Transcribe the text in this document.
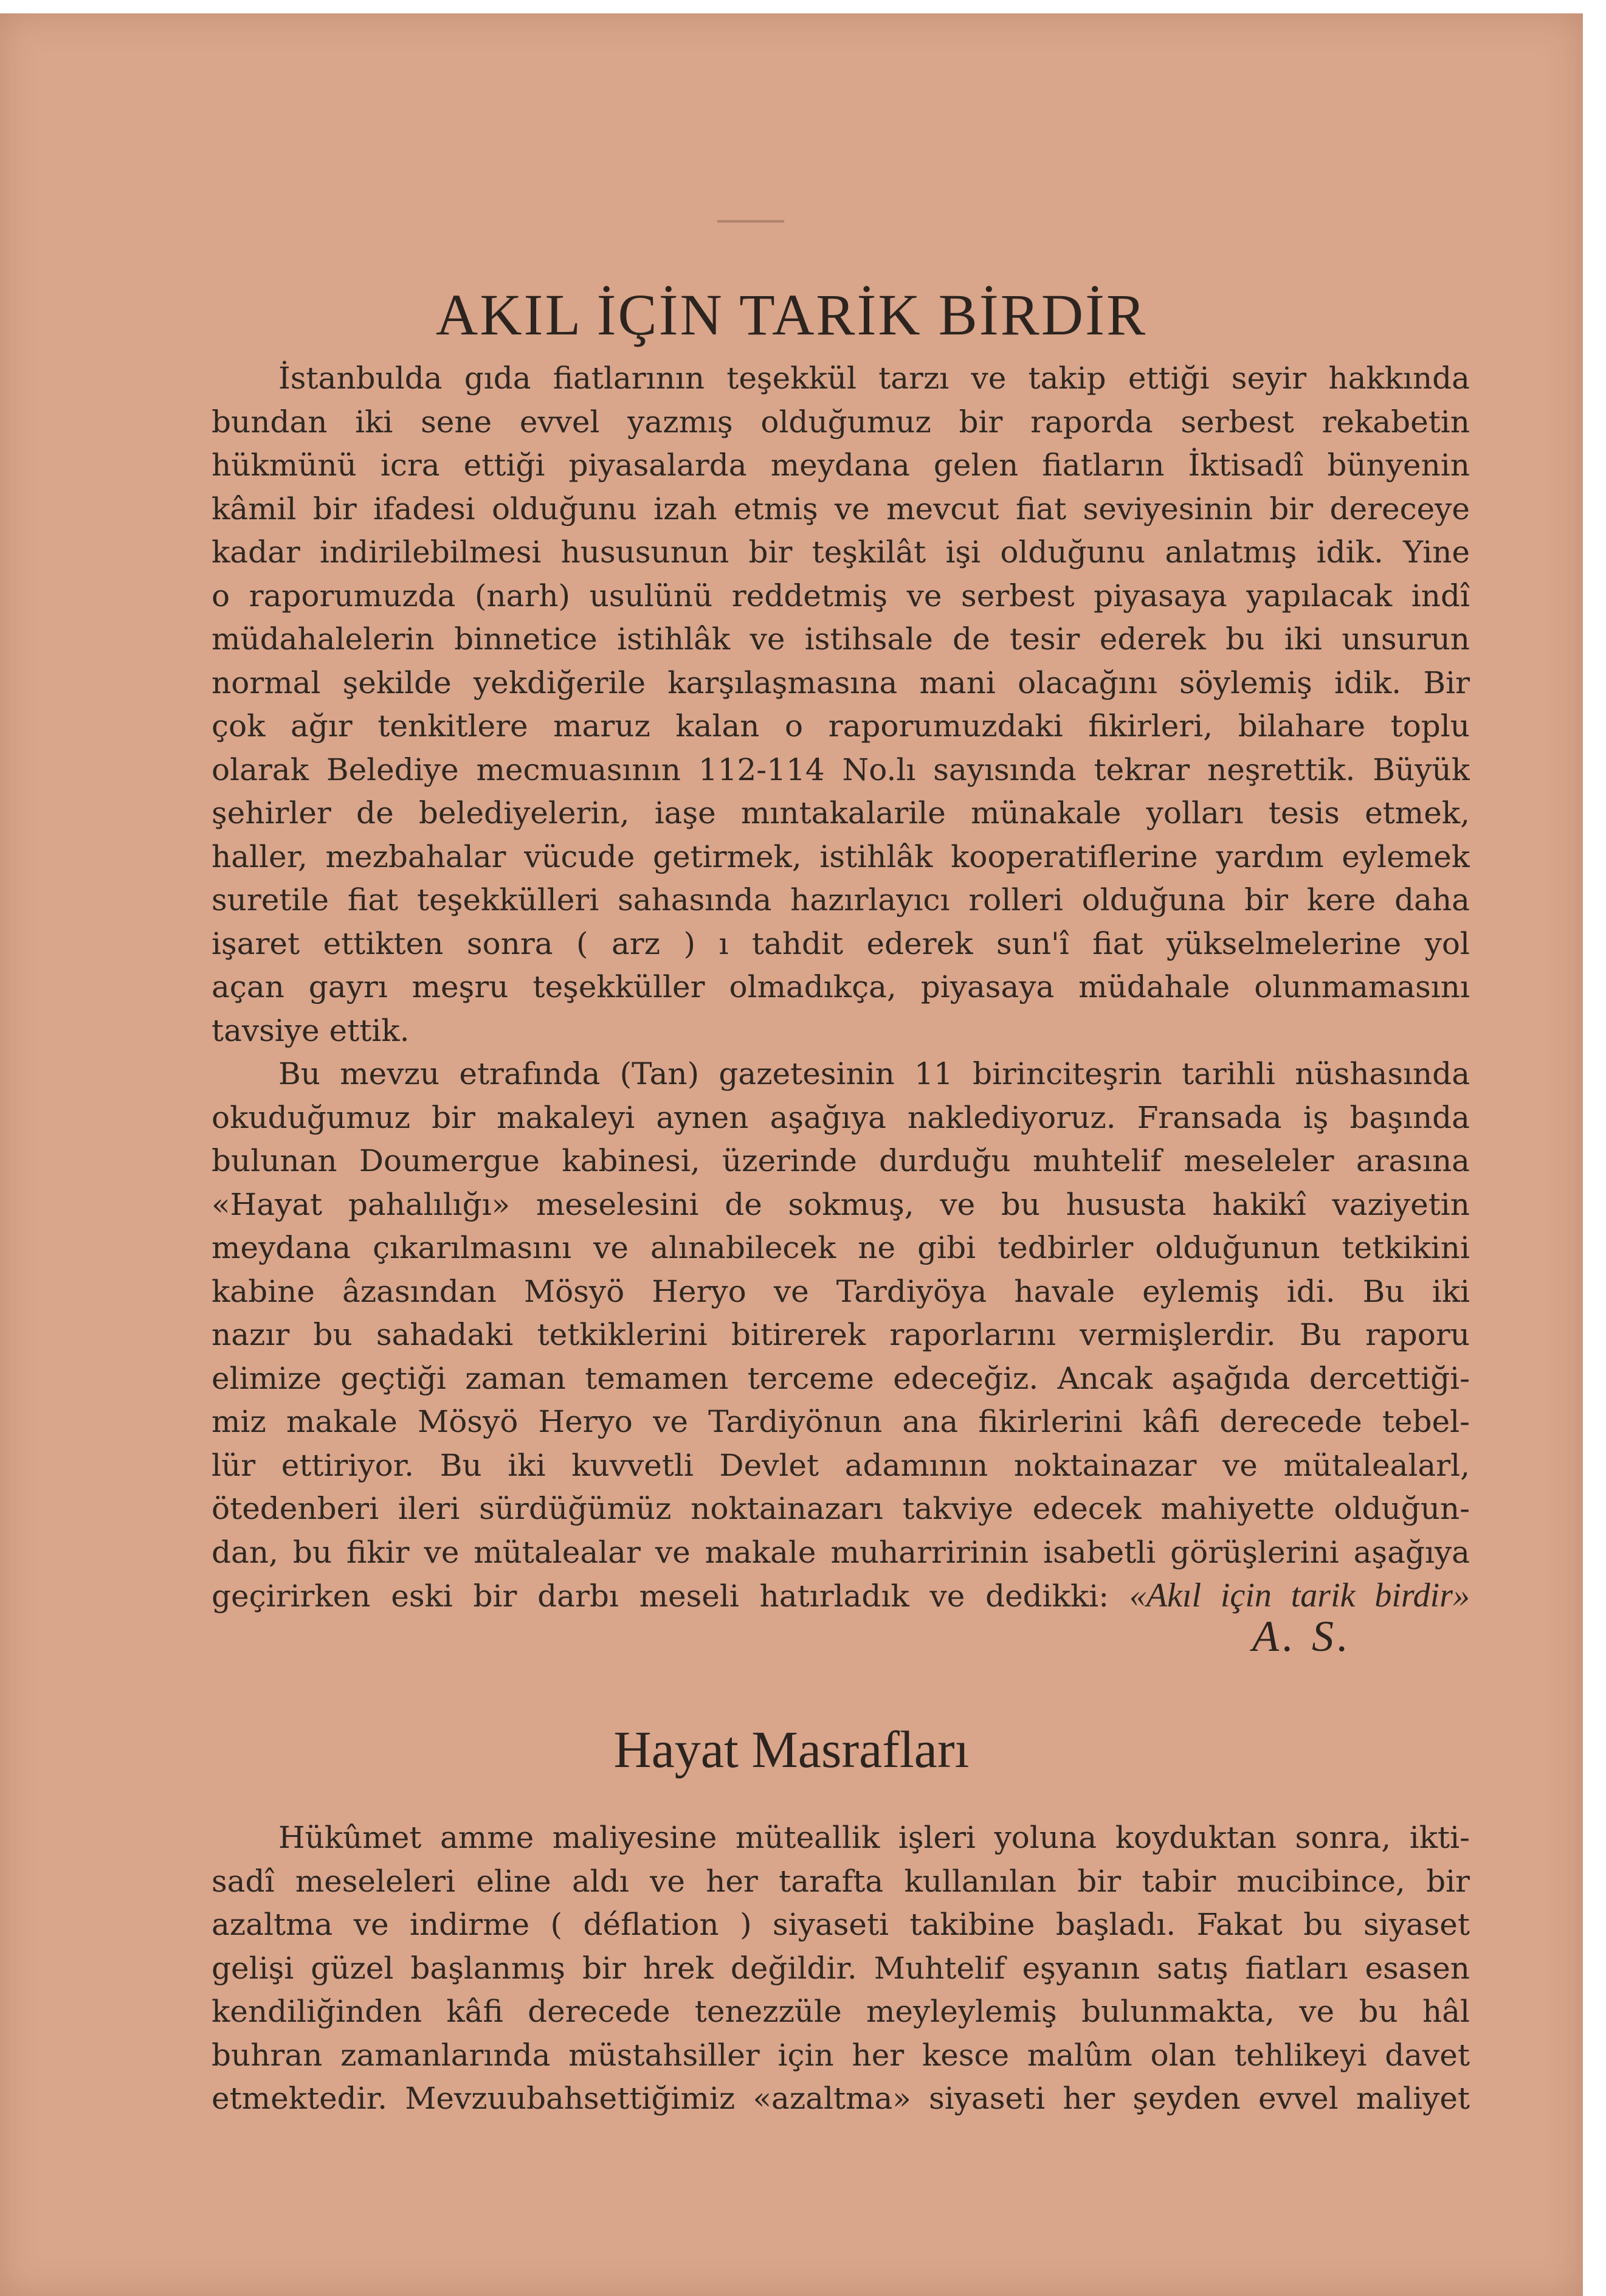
AKIL İÇİN TARİK BİRDİR
İstanbulda gıda fiatlarının teşekkül tarzı ve takip ettiği seyir hakkında
bundan iki sene evvel yazmış olduğumuz bir raporda serbest rekabetin
hükmünü icra ettiği piyasalarda meydana gelen fiatların İktisadî bünyenin
kâmil bir ifadesi olduğunu izah etmiş ve mevcut fiat seviyesinin bir dereceye
kadar indirilebilmesi hususunun bir teşkilât işi olduğunu anlatmış idik. Yine
o raporumuzda (narh) usulünü reddetmiş ve serbest piyasaya yapılacak indî
müdahalelerin binnetice istihlâk ve istihsale de tesir ederek bu iki unsurun
normal şekilde yekdiğerile karşılaşmasına mani olacağını söylemiş idik. Bir
çok ağır tenkitlere maruz kalan o raporumuzdaki fikirleri, bilahare toplu
olarak Belediye mecmuasının 112-114 No.lı sayısında tekrar neşrettik. Büyük
şehirler de belediyelerin, iaşe mıntakalarile münakale yolları tesis etmek,
haller, mezbahalar vücude getirmek, istihlâk kooperatiflerine yardım eylemek
suretile fiat teşekkülleri sahasında hazırlayıcı rolleri olduğuna bir kere daha
işaret ettikten sonra ( arz ) ı tahdit ederek sun'î fiat yükselmelerine yol
açan gayrı meşru teşekküller olmadıkça, piyasaya müdahale olunmamasını
tavsiye ettik.
Bu mevzu etrafında (Tan) gazetesinin 11 birinciteşrin tarihli nüshasında
okuduğumuz bir makaleyi aynen aşağıya naklediyoruz. Fransada iş başında
bulunan Doumergue kabinesi, üzerinde durduğu muhtelif meseleler arasına
«Hayat pahalılığı» meselesini de sokmuş, ve bu hususta hakikî vaziyetin
meydana çıkarılmasını ve alınabilecek ne gibi tedbirler olduğunun tetkikini
kabine âzasından Mösyö Heryo ve Tardiyöya havale eylemiş idi. Bu iki
nazır bu sahadaki tetkiklerini bitirerek raporlarını vermişlerdir. Bu raporu
elimize geçtiği zaman temamen terceme edeceğiz. Ancak aşağıda dercettiği-
miz makale Mösyö Heryo ve Tardiyönun ana fikirlerini kâfi derecede tebel-
lür ettiriyor. Bu iki kuvvetli Devlet adamının noktainazar ve mütalealarl,
ötedenberi ileri sürdüğümüz noktainazarı takviye edecek mahiyette olduğun-
dan, bu fikir ve mütalealar ve makale muharririnin isabetli görüşlerini aşağıya
geçirirken eski bir darbı meseli hatırladık ve dedikki: «Akıl için tarik birdir»
A. S.
Hayat Masrafları
Hükûmet amme maliyesine müteallik işleri yoluna koyduktan sonra, ikti-
sadî meseleleri eline aldı ve her tarafta kullanılan bir tabir mucibince, bir
azaltma ve indirme ( déflation ) siyaseti takibine başladı. Fakat bu siyaset
gelişi güzel başlanmış bir hrek değildir. Muhtelif eşyanın satış fiatları esasen
kendiliğinden kâfi derecede tenezzüle meyleylemiş bulunmakta, ve bu hâl
buhran zamanlarında müstahsiller için her kesce malûm olan tehlikeyi davet
etmektedir. Mevzuubahsettiğimiz «azaltma» siyaseti her şeyden evvel maliyet
